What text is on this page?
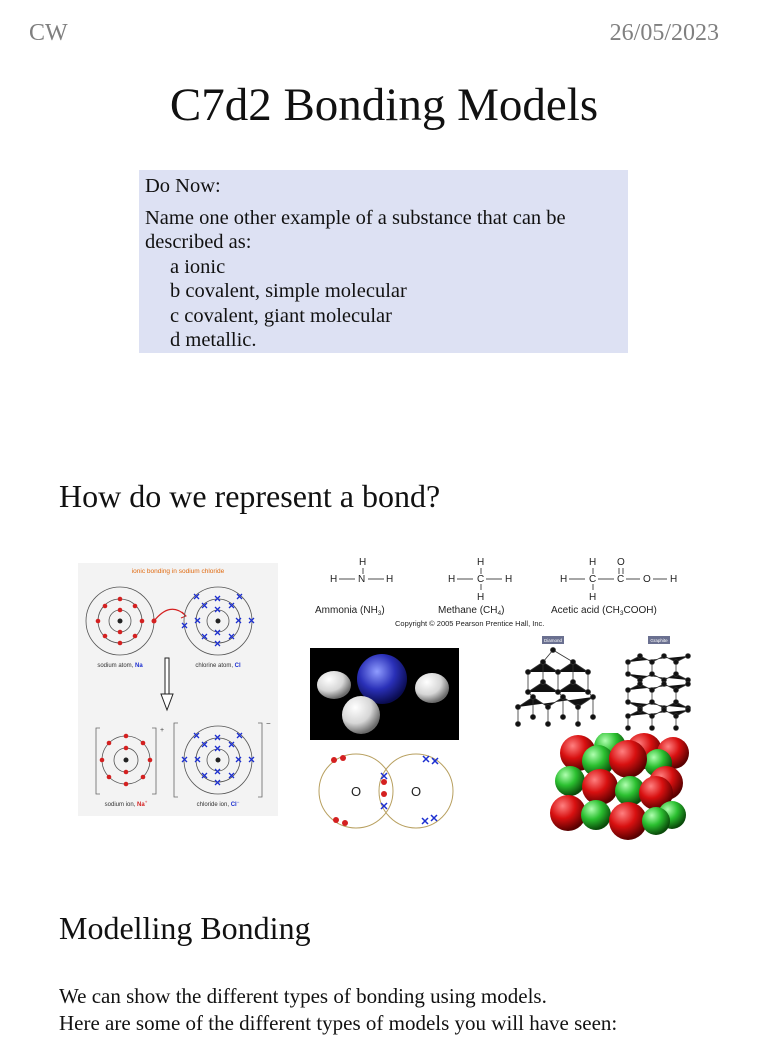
CW	26/05/2023
C7d2 Bonding Models
Do Now:
Name one other example of a substance that can be described as:
a ionic
b covalent, simple molecular
c covalent, giant molecular
d metallic.
How do we represent a bond?
ionic bonding in sodium chloride
sodium atom, Na	chlorine atom, Cl
+
−
sodium ion, Na+	chloride ion, Cl−
H
H N H
H
H C H
H
H
H C C O H
H
O
Ammonia $(NH_3)$	Methane $(CH_4)$	Acetic acid $(CH_3COOH)$
Copyright © 2005 Pearson Prentice Hall, Inc.
O	O
Diamond	Graphite
Modelling Bonding
We can show the different types of bonding using models.
Here are some of the different types of models you will have seen:
